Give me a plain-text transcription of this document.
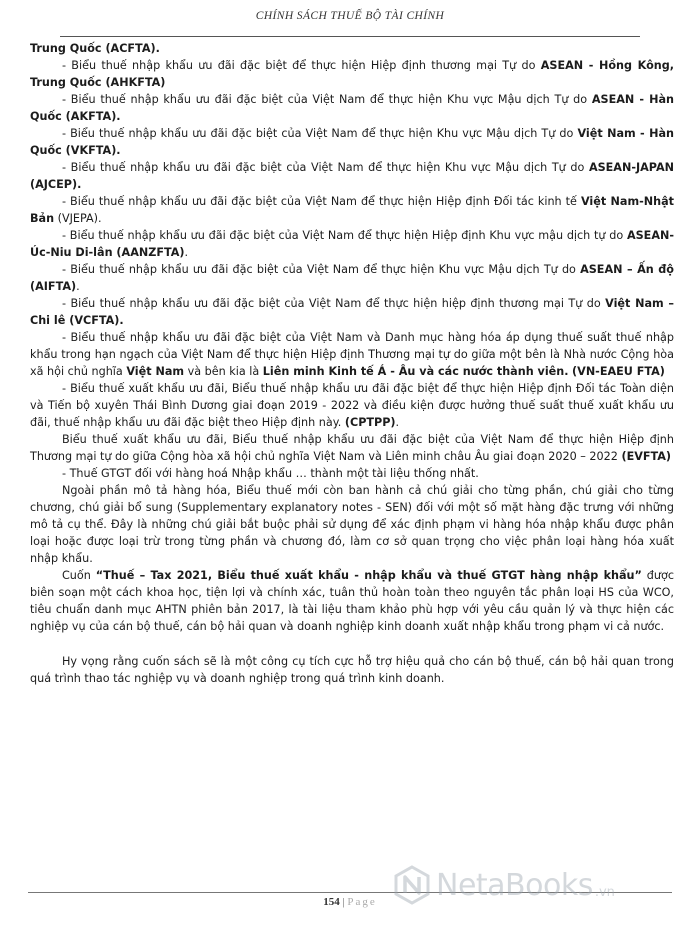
CHÍNH SÁCH THUẾ BỘ TÀI CHÍNH

Trung Quốc (ACFTA).

- Biểu thuế nhập khẩu ưu đãi đặc biệt để thực hiện Hiệp định thương mại Tự do ASEAN - Hồng Kông, Trung Quốc (AHKFTA)

- Biểu thuế nhập khẩu ưu đãi đặc biệt của Việt Nam để thực hiện Khu vực Mậu dịch Tự do ASEAN - Hàn Quốc (AKFTA).

- Biểu thuế nhập khẩu ưu đãi đặc biệt của Việt Nam để thực hiện Khu vực Mậu dịch Tự do Việt Nam - Hàn Quốc (VKFTA).

- Biểu thuế nhập khẩu ưu đãi đặc biệt của Việt Nam để thực hiện Khu vực Mậu dịch Tự do ASEAN-JAPAN (AJCEP).

- Biểu thuế nhập khẩu ưu đãi đặc biệt của Việt Nam để thực hiện Hiệp định Đối tác kinh tế Việt Nam-Nhật Bản (VJEPA).

- Biểu thuế nhập khẩu ưu đãi đặc biệt của Việt Nam để thực hiện Hiệp định Khu vực mậu dịch tự do ASEAN-Úc-Niu Di-lân (AANZFTA).

- Biểu thuế nhập khẩu ưu đãi đặc biệt của Việt Nam để thực hiện Khu vực Mậu dịch Tự do ASEAN – Ấn độ (AIFTA).

- Biểu thuế nhập khẩu ưu đãi đặc biệt của Việt Nam để thực hiện hiệp định thương mại Tự do Việt Nam – Chi lê (VCFTA).

- Biểu thuế nhập khẩu ưu đãi đặc biệt của Việt Nam và Danh mục hàng hóa áp dụng thuế suất thuế nhập khẩu trong hạn ngạch của Việt Nam để thực hiện Hiệp định Thương mại tự do giữa một bên là Nhà nước Cộng hòa xã hội chủ nghĩa Việt Nam và bên kia là Liên minh Kinh tế Á - Âu và các nước thành viên. (VN-EAEU FTA)

- Biểu thuế xuất khẩu ưu đãi, Biểu thuế nhập khẩu ưu đãi đặc biệt để thực hiện Hiệp định Đối tác Toàn diện và Tiến bộ xuyên Thái Bình Dương giai đoạn 2019 - 2022 và điều kiện được hưởng thuế suất thuế xuất khẩu ưu đãi, thuế nhập khẩu ưu đãi đặc biệt theo Hiệp định này. (CPTPP).

Biểu thuế xuất khẩu ưu đãi, Biểu thuế nhập khẩu ưu đãi đặc biệt của Việt Nam để thực hiện Hiệp định Thương mại tự do giữa Cộng hòa xã hội chủ nghĩa Việt Nam và Liên minh châu Âu giai đoạn 2020 – 2022 (EVFTA)

- Thuế GTGT đối với hàng hoá Nhập khẩu … thành một tài liệu thống nhất.

Ngoài phần mô tả hàng hóa, Biểu thuế mới còn ban hành cả chú giải cho từng phần, chú giải cho từng chương, chú giải bổ sung (Supplementary explanatory notes - SEN) đối với một số mặt hàng đặc trưng với những mô tả cụ thể. Đây là những chú giải bắt buộc phải sử dụng để xác định phạm vi hàng hóa nhập khẩu được phân loại hoặc được loại trừ trong từng phần và chương đó, làm cơ sở quan trọng cho việc phân loại hàng hóa xuất nhập khẩu.

Cuốn “Thuế – Tax 2021, Biểu thuế xuất khẩu - nhập khẩu và thuế GTGT hàng nhập khẩu” được biên soạn một cách khoa học, tiện lợi và chính xác, tuân thủ hoàn toàn theo nguyên tắc phân loại HS của WCO, tiêu chuẩn danh mục AHTN phiên bản 2017, là tài liệu tham khảo phù hợp với yêu cầu quản lý và thực hiện các nghiệp vụ của cán bộ thuế, cán bộ hải quan và doanh nghiệp kinh doanh xuất nhập khẩu trong phạm vi cả nước.

Hy vọng rằng cuốn sách sẽ là một công cụ tích cực hỗ trợ hiệu quả cho cán bộ thuế, cán bộ hải quan trong quá trình thao tác nghiệp vụ và doanh nghiệp trong quá trình kinh doanh.

154 | Page	NetaBooks .vn
